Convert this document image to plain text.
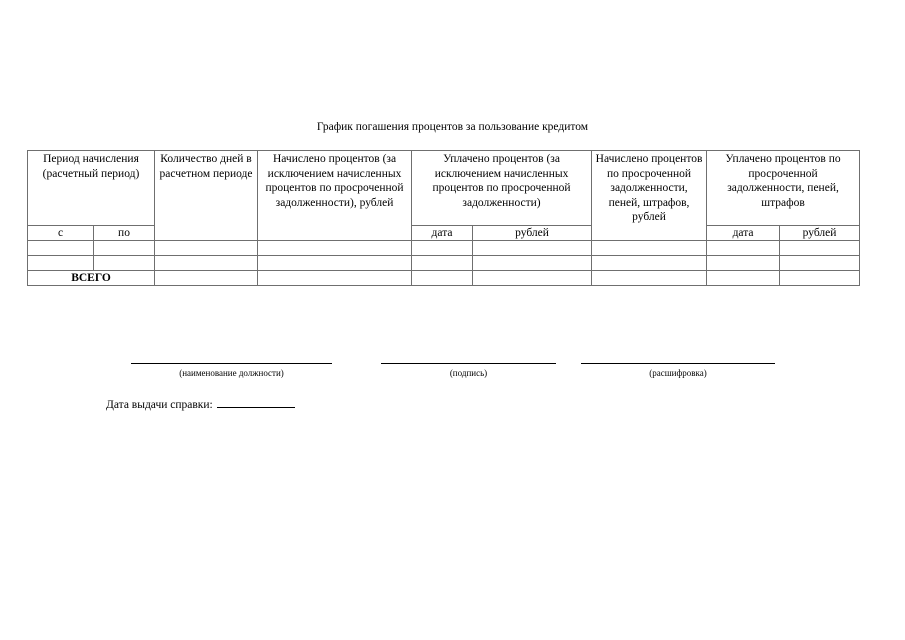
График погашения процентов за пользование кредитом
Период начисления (расчетный период)		Количество дней в расчетном периоде	Начислено процентов (за исключением начисленных процентов по просроченной задолженности), рублей	Уплачено процентов (за исключением начисленных процентов по просроченной задолженности)		Начислено процентов по просроченной задолженности, пеней, штрафов, рублей	Уплачено процентов по просроченной задолженности, пеней, штрафов	
с	по			дата	рублей		дата	рублей

ВСЕГО								
(наименование должности)	(подпись)	(расшифровка)
Дата выдачи справки:
